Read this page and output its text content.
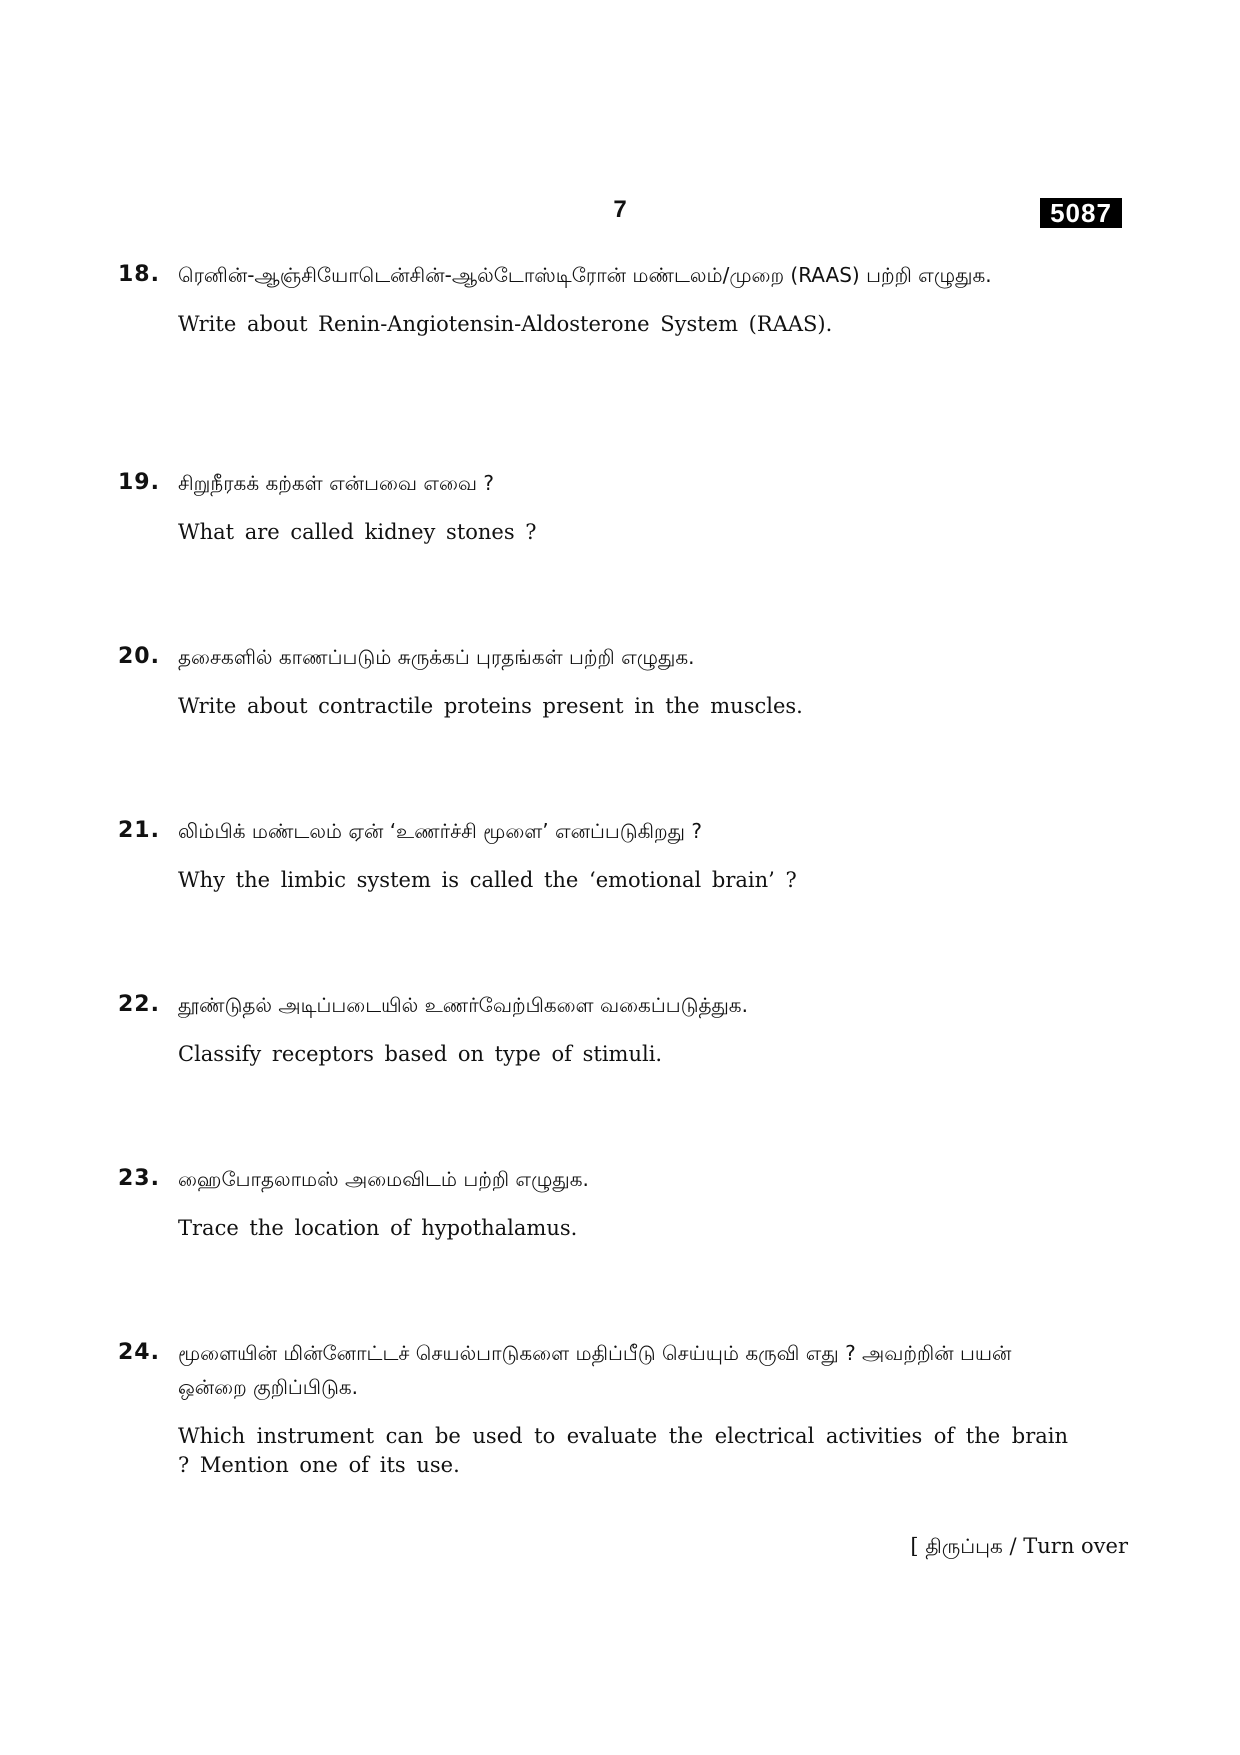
7	5087
18. ரெனின்-ஆஞ்சியோடென்சின்-ஆல்டோஸ்டிரோன் மண்டலம்/முறை (RAAS) பற்றி எழுதுக.
Write about Renin-Angiotensin-Aldosterone System (RAAS).
19. சிறுநீரகக் கற்கள் என்பவை எவை ?
What are called kidney stones ?
20. தசைகளில் காணப்படும் சுருக்கப் புரதங்கள் பற்றி எழுதுக.
Write about contractile proteins present in the muscles.
21. லிம்பிக் மண்டலம் ஏன் ‘உணர்ச்சி மூளை’ எனப்படுகிறது ?
Why the limbic system is called the ‘emotional brain’ ?
22. தூண்டுதல் அடிப்படையில் உணர்வேற்பிகளை வகைப்படுத்துக.
Classify receptors based on type of stimuli.
23. ஹைபோதலாமஸ் அமைவிடம் பற்றி எழுதுக.
Trace the location of hypothalamus.
24. மூளையின் மின்னோட்டச் செயல்பாடுகளை மதிப்பீடு செய்யும் கருவி எது ? அவற்றின் பயன் ஒன்றை குறிப்பிடுக.
Which instrument can be used to evaluate the electrical activities of the brain ? Mention one of its use.
[ திருப்புக / Turn over
